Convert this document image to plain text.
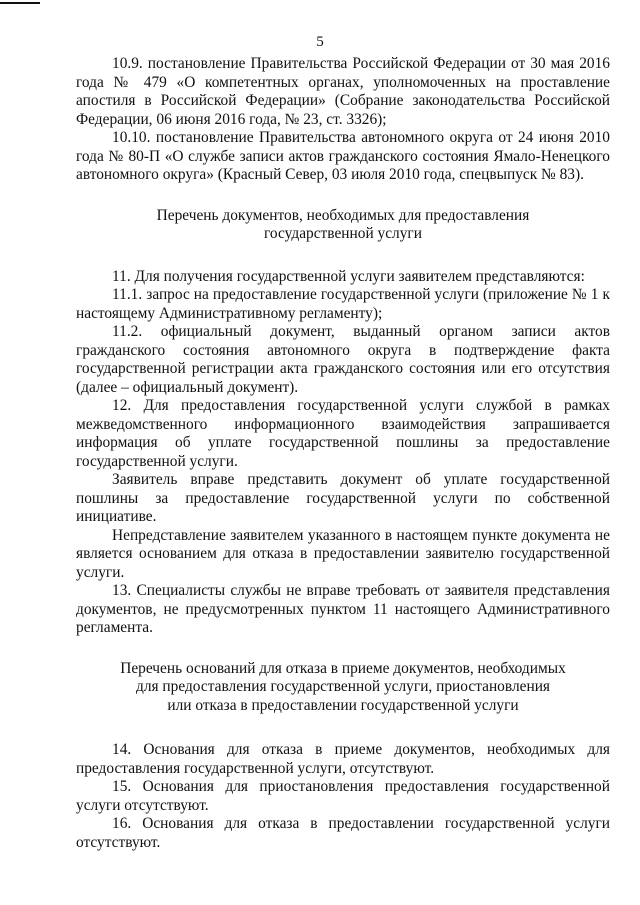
5

10.9. постановление Правительства Российской Федерации от 30 мая 2016 года № 479 «О компетентных органах, уполномоченных на проставление апостиля в Российской Федерации» (Собрание законодательства Российской Федерации, 06 июня 2016 года, № 23, ст. 3326);

10.10. постановление Правительства автономного округа от 24 июня 2010 года № 80-П «О службе записи актов гражданского состояния Ямало-Ненецкого автономного округа» (Красный Север, 03 июля 2010 года, спецвыпуск № 83).

Перечень документов, необходимых для предоставления
государственной услуги

11. Для получения государственной услуги заявителем представляются:

11.1. запрос на предоставление государственной услуги (приложение № 1 к настоящему Административному регламенту);

11.2. официальный документ, выданный органом записи актов гражданского состояния автономного округа в подтверждение факта государственной регистрации акта гражданского состояния или его отсутствия (далее – официальный документ).

12. Для предоставления государственной услуги службой в рамках межведомственного информационного взаимодействия запрашивается информация об уплате государственной пошлины за предоставление государственной услуги.

Заявитель вправе представить документ об уплате государственной пошлины за предоставление государственной услуги по собственной инициативе.

Непредставление заявителем указанного в настоящем пункте документа не является основанием для отказа в предоставлении заявителю государственной услуги.

13. Специалисты службы не вправе требовать от заявителя представления документов, не предусмотренных пунктом 11 настоящего Административного регламента.

Перечень оснований для отказа в приеме документов, необходимых
для предоставления государственной услуги, приостановления
или отказа в предоставлении государственной услуги

14. Основания для отказа в приеме документов, необходимых для предоставления государственной услуги, отсутствуют.

15. Основания для приостановления предоставления государственной услуги отсутствуют.

16. Основания для отказа в предоставлении государственной услуги отсутствуют.
